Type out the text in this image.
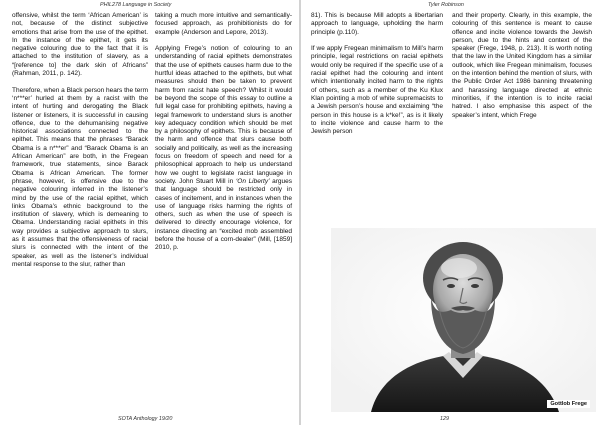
PHIL278 Language in Society

offensive, whilst the term ‘African American’ is not, because of the distinct subjective emotions that arise from the use of the epithet. In the instance of the epithet, it gets its negative colouring due to the fact that it is attached to the institution of slavery, as a “[reference to] the dark skin of Africans” (Rahman, 2011, p. 142).

Therefore, when a Black person hears the term ‘n***er’ hurled at them by a racist with the intent of hurting and derogating the Black listener or listeners, it is successful in causing offence, due to the dehumanising negative historical associations connected to the epithet. This means that the phrases “Barack Obama is a n***er” and “Barack Obama is an African American” are both, in the Fregean framework, true statements, since Barack Obama is African American. The former phrase, however, is offensive due to the negative colouring inferred in the listener’s mind by the use of the racial epithet, which links Obama’s ethnic background to the institution of slavery, which is demeaning to Obama. Understanding racial epithets in this way provides a subjective approach to slurs, as it assumes that the offensiveness of racial slurs is connected with the intent of the speaker, as well as the listener’s individual mental response to the slur, rather than

taking a much more intuitive and semantically-focused approach, as prohibitionists do for example (Anderson and Lepore, 2013).

Applying Frege’s notion of colouring to an understanding of racial epithets demonstrates that the use of epithets causes harm due to the hurtful ideas attached to the epithets, but what measures should then be taken to prevent harm from racist hate speech? Whilst it would be beyond the scope of this essay to outline a full legal case for prohibiting epithets, having a legal framework to understand slurs is another key adequacy condition which should be met by a philosophy of epithets. This is because of the harm and offence that slurs cause both socially and politically, as well as the increasing focus on freedom of speech and need for a philosophical approach to help us understand how we ought to legislate racist language in society. John Stuart Mill in ‘On Liberty’ argues that language should be restricted only in cases of incitement, and in instances when the use of language risks harming the rights of others, such as when the use of speech is delivered to directly encourage violence, for instance directing an “excited mob assembled before the house of a corn-dealer” (Mill, [1859] 2010, p.

SOTA Anthology 19/20
Tyler Robinson

81). This is because Mill adopts a libertarian approach to language, upholding the harm principle (p.110).

If we apply Fregean minimalism to Mill’s harm principle, legal restrictions on racial epithets would only be required if the specific use of a racial epithet had the colouring and intent which intentionally incited harm to the rights of others, such as a member of the Ku Klux Klan pointing a mob of white supremacists to a Jewish person’s house and exclaiming “the person in this house is a k*ke!”, as is it likely to incite violence and cause harm to the Jewish person

and their property. Clearly, in this example, the colouring of this sentence is meant to cause offence and incite violence towards the Jewish person, due to the hints and context of the speaker (Frege, 1948, p. 213). It is worth noting that the law in the United Kingdom has a similar outlook, which like Fregean minimalism, focuses on the intention behind the mention of slurs, with the Public Order Act 1986 banning threatening and harassing language directed at ethnic minorities, if the intention is to incite racial hatred. I also emphasise this aspect of the speaker’s intent, which Frege

Gottlob Frege
129
